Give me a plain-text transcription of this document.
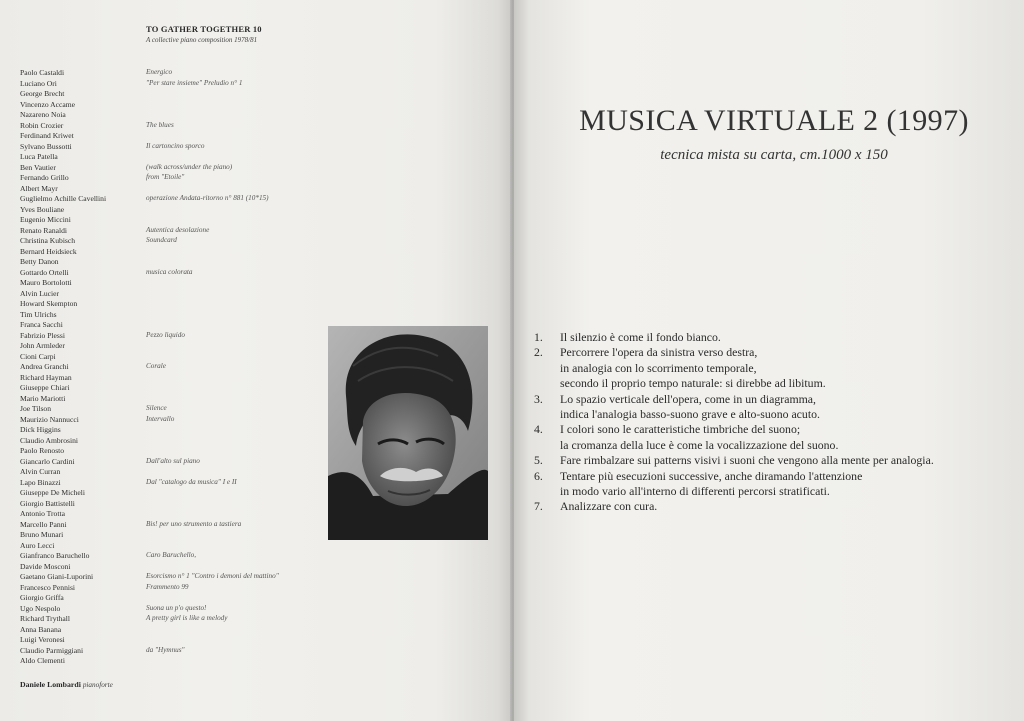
TO GATHER TOGETHER 10
A collective piano composition 1978/81
Paolo Castaldi	Energico
Luciano Ori	"Per stare insieme" Preludio n° 1
George Brecht
Vincenzo Accame
Nazareno Noia
Robin Crozier	The blues
Ferdinand Kriwet
Sylvano Bussotti	Il cartoncino sporco
Luca Patella
Ben Vautier	(walk across/under the piano)
Fernando Grillo	from "Etoile"
Albert Mayr
Guglielmo Achille Cavellini	operazione Andata-ritorno n° 881 (10*15)
Yves Bouliane
Eugenio Miccini
Renato Ranaldi	Autentica desolazione
Christina Kubisch	Soundcard
Bernard Heidsieck
Betty Danon
Gottardo Ortelli	musica colorata
Mauro Bortolotti
Alvin Lucier
Howard Skempton
Tim Ulrichs
Franca Sacchi
Fabrizio Plessi	Pezzo liquido
John Armleder
Cioni Carpi
Andrea Granchi	Corale
Richard Hayman
Giuseppe Chiari
Mario Mariotti
Joe Tilson	Silence
Maurizio Nannucci	Intervallo
Dick Higgins
Claudio Ambrosini
Paolo Renosto
Giancarlo Cardini	Dall'alto sul piano
Alvin Curran
Lapo Binazzi	Dal "catalogo da musica" I e II
Giuseppe De Micheli
Giorgio Battistelli
Antonio Trotta
Marcello Panni	Bis! per uno strumento a tastiera
Bruno Munari
Auro Lecci
Gianfranco Baruchello	Caro Baruchello,
Davide Mosconi
Gaetano Giani-Luporini	Esorcismo n° 1 "Contro i demoni del mattino"
Francesco Pennisi	Frammento 99
Giorgio Griffa
Ugo Nespolo	Suona un p'o questo!
Richard Trythall	A pretty girl is like a melody
Anna Banana
Luigi Veronesi
Claudio Parmiggiani	da "Hymnus"
Aldo Clementi
Daniele Lombardi pianoforte
MUSICA VIRTUALE 2 (1997)
tecnica mista su carta, cm.1000 x 150
1. Il silenzio è come il fondo bianco.
2. Percorrere l'opera da sinistra verso destra,
in analogia con lo scorrimento temporale,
secondo il proprio tempo naturale: si direbbe ad libitum.
3. Lo spazio verticale dell'opera, come in un diagramma,
indica l'analogia basso-suono grave e alto-suono acuto.
4. I colori sono le caratteristiche timbriche del suono;
la cromanza della luce è come la vocalizzazione del suono.
5. Fare rimbalzare sui patterns visivi i suoni che vengono alla mente per analogia.
6. Tentare più esecuzioni successive, anche diramando l'attenzione
in modo vario all'interno di differenti percorsi stratificati.
7. Analizzare con cura.
